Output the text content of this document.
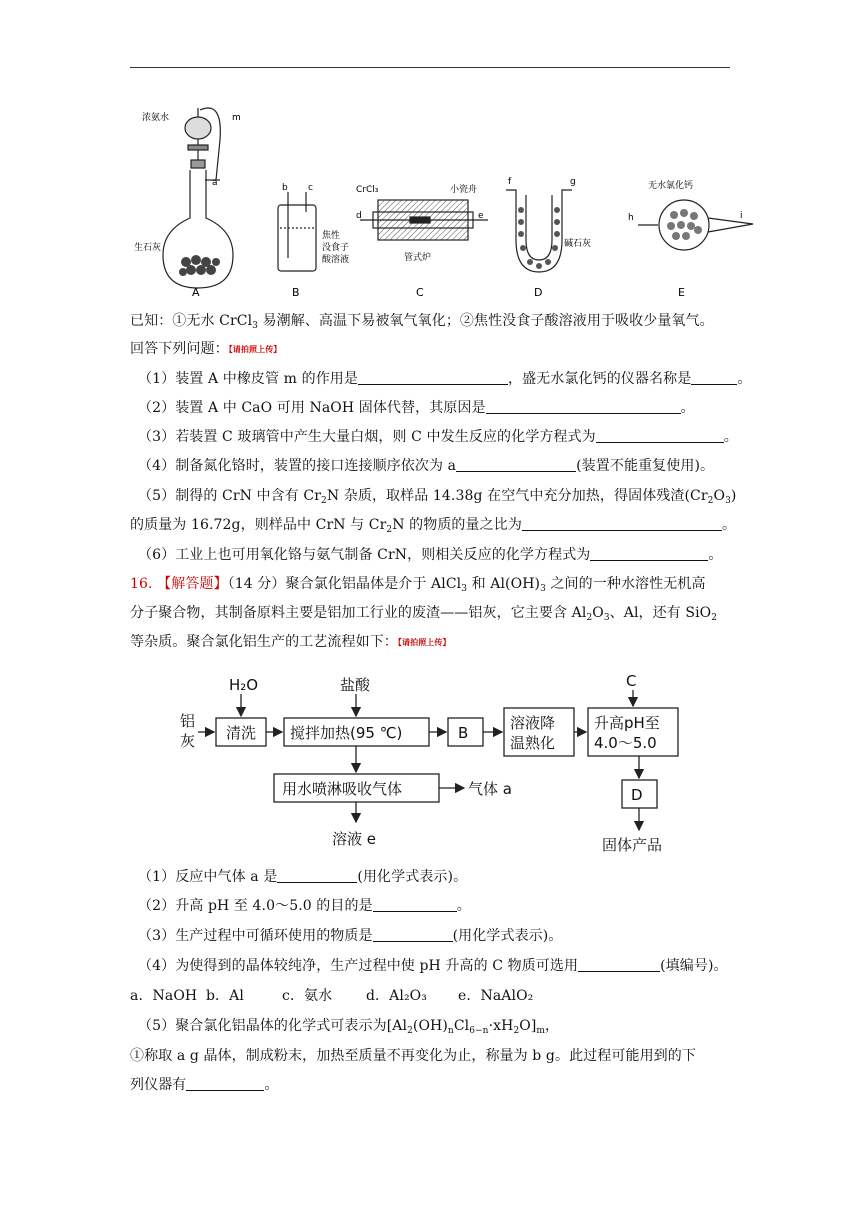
浓氨水	m
a
生石灰
A
b c
焦性
没食子
酸溶液
B
CrCl₃	小瓷舟
d	e
管式炉
C
f	g
碱石灰
D
无水氯化钙
h	i
E
已知：①无水 CrCl$_3$ 易潮解、高温下易被氧气氧化；②焦性没食子酸溶液用于吸收少量氧气。
回答下列问题：【请拍照上传】
（1）装置 A 中橡皮管 m 的作用是	，盛无水氯化钙的仪器名称是	。
（2）装置 A 中 CaO 可用 NaOH 固体代替，其原因是	。
（3）若装置 C 玻璃管中产生大量白烟，则 C 中发生反应的化学方程式为	。
（4）制备氮化铬时，装置的接口连接顺序依次为 a	(装置不能重复使用)。
（5）制得的 CrN 中含有 $Cr_2N$ 杂质，取样品 14.38g 在空气中充分加热，得固体残渣$(Cr_2O_3)$
的质量为 16.72g，则样品中 CrN 与 $Cr_2N$ 的物质的量之比为	。
（6）工业上也可用氧化铬与氨气制备 CrN，则相关反应的化学方程式为	。
16. 【解答题】（14 分）聚合氯化铝晶体是介于 AlCl$_3$ 和 $Al(OH)_3$ 之间的一种水溶性无机高
分子聚合物，其制备原料主要是铝加工行业的废渣——铝灰，它主要含 $Al_2O_3$、Al，还有 SiO$_2$
等杂质。聚合氯化铝生产的工艺流程如下：【请拍照上传】
铝
灰
H₂O	盐酸	C
清洗 搅拌加热(95 ℃)	B
溶液降
温熟化
升高pH至
4.0～5.0
用水喷淋吸收气体	气体 a
溶液 e
D
固体产品
（1）反应中气体 a 是	(用化学式表示)。
（2）升高 pH 至 4.0～5.0 的目的是	。
（3）生产过程中可循环使用的物质是	(用化学式表示)。
（4）为使得到的晶体较纯净，生产过程中使 pH 升高的 C 物质可选用	(填编号)。
a．NaOH b．Al	c．氨水 d．Al₂O₃ e．NaAlO₂
（5）聚合氯化铝晶体的化学式可表示为$[Al_2(OH)_nCl_{6-n}\cdot xH_2O]_m$，
①称取 a g 晶体，制成粉末，加热至质量不再变化为止，称量为 b g。此过程可能用到的下
列仪器有	。
